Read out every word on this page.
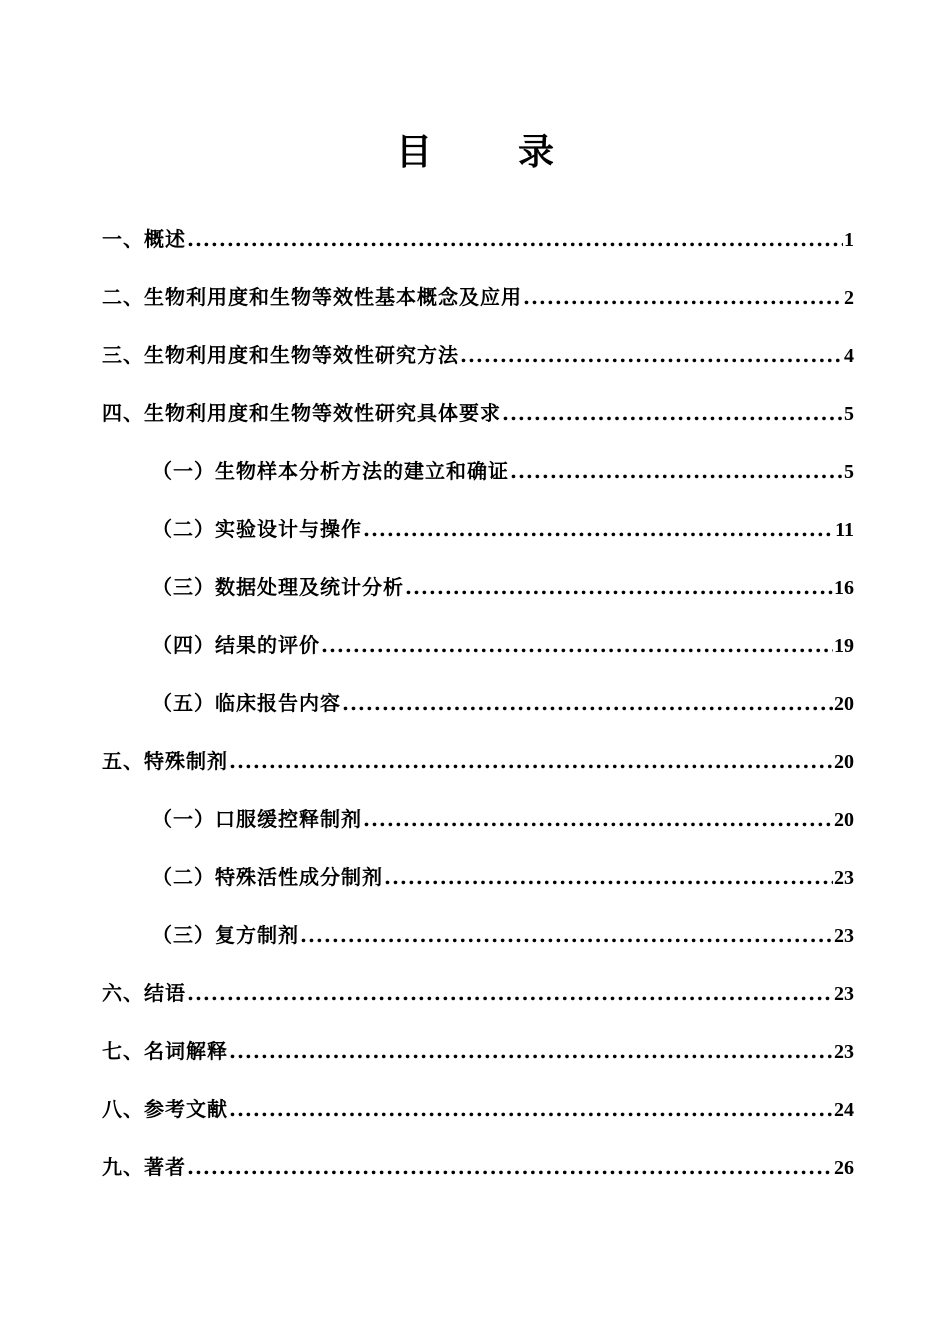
目 录
一、概述 .....	1
二、生物利用度和生物等效性基本概念及应用 .....	2
三、生物利用度和生物等效性研究方法 .....	4
四、生物利用度和生物等效性研究具体要求 .....	5
（一）生物样本分析方法的建立和确证 .....	5
（二）实验设计与操作 .....	11
（三）数据处理及统计分析 .....	16
（四）结果的评价 .....	19
（五）临床报告内容 .....	20
五、特殊制剂 .....	20
（一）口服缓控释制剂 .....	20
（二）特殊活性成分制剂 .....	23
（三）复方制剂 .....	23
六、结语 .....	23
七、名词解释 .....	23
八、参考文献 .....	24
九、著者 .....	26
